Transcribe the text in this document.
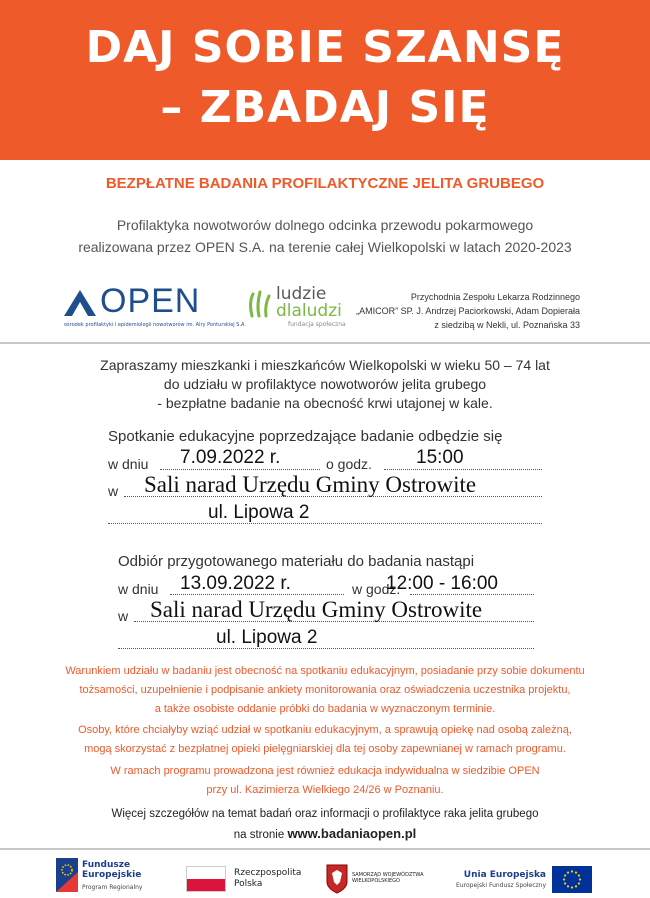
DAJ SOBIE SZANSĘ
– ZBADAJ SIĘ
BEZPŁATNE BADANIA PROFILAKTYCZNE JELITA GRUBEGO
Profilaktyka nowotworów dolnego odcinka przewodu pokarmowego
realizowana przez OPEN S.A. na terenie całej Wielkopolski w latach 2020-2023
OPEN
ośrodek profilaktyki i epidemiologii nowotworów im. Alry Ponturskiej S.A.
ludzie
dlaludzi
fundacja społeczna
Przychodnia Zespołu Lekarza Rodzinnego
„AMICOR” SP. J. Andrzej Paciorkowski, Adam Dopierała
z siedzibą w Nekli, ul. Poznańska 33
Zapraszamy mieszkanki i mieszkańców Wielkopolski w wieku 50 – 74 lat
do udziału w profilaktyce nowotworów jelita grubego
- bezpłatne badanie na obecność krwi utajonej w kale.
Spotkanie edukacyjne poprzedzające badanie odbędzie się
w dniu 7.09.2022 r.	o godz. 15:00
w Sali narad Urzędu Gminy Ostrowite
ul. Lipowa 2
Odbiór przygotowanego materiału do badania nastąpi
w dniu 13.09.2022 r.	w godz.
12:00 - 16:00
w Sali narad Urzędu Gminy Ostrowite
ul. Lipowa 2
Warunkiem udziału w badaniu jest obecność na spotkaniu edukacyjnym, posiadanie przy sobie dokumentu
tożsamości, uzupełnienie i podpisanie ankiety monitorowania oraz oświadczenia uczestnika projektu,
a także osobiste oddanie próbki do badania w wyznaczonym terminie.
Osoby, które chciałyby wziąć udział w spotkaniu edukacyjnym, a sprawują opiekę nad osobą zależną,
mogą skorzystać z bezpłatnej opieki pielęgniarskiej dla tej osoby zapewnianej w ramach programu.
W ramach programu prowadzona jest również edukacja indywidualna w siedzibie OPEN
przy ul. Kazimierza Wielkiego 24/26 w Poznaniu.
Więcej szczegółów na temat badań oraz informacji o profilaktyce raka jelita grubego
na stronie www.badaniaopen.pl
Fundusze
Europejskie
Program Regionalny
Rzeczpospolita
Polska
SAMORZĄD WOJEWÓDZTWA
WIELKOPOLSKIEGO
Unia Europejska
Europejski Fundusz Społeczny
